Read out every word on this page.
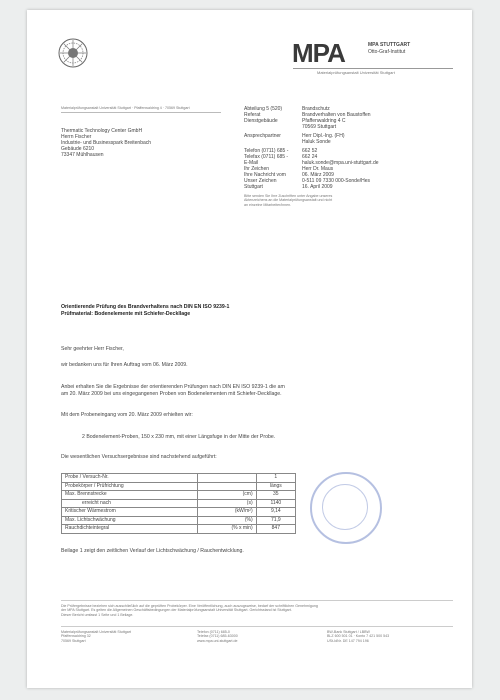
MPA	MPA STUTTGART
Otto-Graf-Institut
Materialprüfungsanstalt Universität Stuttgart
Materialprüfungsanstalt Universität Stuttgart · Pfaffenwaldring 4 · 70569 Stuttgart
Thermatic Technology Center GmbH
Herrn Fischer
Industrie- und Businesspark Breitenbach
Gebäude 6210
73347 Mühlhausen
Abteilung 5 (520)	Brandschutz
Referat	Brandverhalten von Baustoffen
Dienstgebäude	Pfaffenwaldring 4 C
70569 Stuttgart
Ansprechpartner	Herr Dipl.-Ing. (FH)
Haluk Sonde
Telefon (0711) 685 -	662 52
Telefax (0711) 685 -	662 24
E-Mail	haluk.sonde@mpa.uni-stuttgart.de
Ihr Zeichen	Herr Dr. Maus
Ihre Nachricht vom	06. März 2009
Unser Zeichen	0-511 09 7330 000-Sonde/Hes
Stuttgart	16. April 2009
Bitte senden Sie Ihre Zuschriften unter Angabe unseres
Aktenzeichens an die Materialprüfungsanstalt und nicht
an einzelne Mitarbeiter/innen.
Orientierende Prüfung des Brandverhaltens nach DIN EN ISO 9239-1
Prüfmaterial: Bodenelemente mit Schiefer-Deckllage
Sehr geehrter Herr Fischer,
wir bedanken uns für Ihren Auftrag vom 06. März 2009.
Anbei erhalten Sie die Ergebnisse der orientierenden Prüfungen nach DIN EN ISO 9239-1 die am
am 20. März 2009 bei uns eingegangenen Proben von Bodenelementen mit Schiefer-Deckllage.
Mit dem Probeneingang vom 20. März 2009 erhielten wir:
2 Bodenelement-Proben, 150 x 230 mm, mit einer Längsfuge in der Mitte der Probe.
Die wesentlichen Versuchsergebnisse sind nachstehend aufgeführt:
Probe / Versuch-Nr.		1
Probekörper / Prüfrichtung		längs
Max. Brennstrecke	(cm)	35
erreicht nach	(s)	1140
Kritischer Wärmestrom	(kW/m²)	9,14
Max. Lichtschwächung	(%)	71,9
Rauchdichteintegral	(% x min)	847
Beilage 1 zeigt den zeitlichen Verlauf der Lichtschwächung / Rauchentwicklung.
Die Prüfergebnisse beziehen sich ausschließlich auf die geprüften Probekörper. Eine Veröffentlichung, auch auszugsweise, bedarf der schriftlichen Genehmigung
der MPA Stuttgart. Es gelten die Allgemeinen Geschäftsbedingungen der Materialprüfungsanstalt Universität Stuttgart. Gerichtsstand ist Stuttgart.
Dieser Bericht umfasst 1 Seite und 1 Beilage.
Materialprüfungsanstalt Universität Stuttgart
Pfaffenwaldring 32
70569 Stuttgart
Telefon (0711) 685-0
Telefax (0711) 685-63000
www.mpa.uni-stuttgart.de
BW-Bank Stuttgart / LBBW
BLZ 600 501 01 · Konto 7 421 500 543
USt-IdNr. DE 147 794 196
